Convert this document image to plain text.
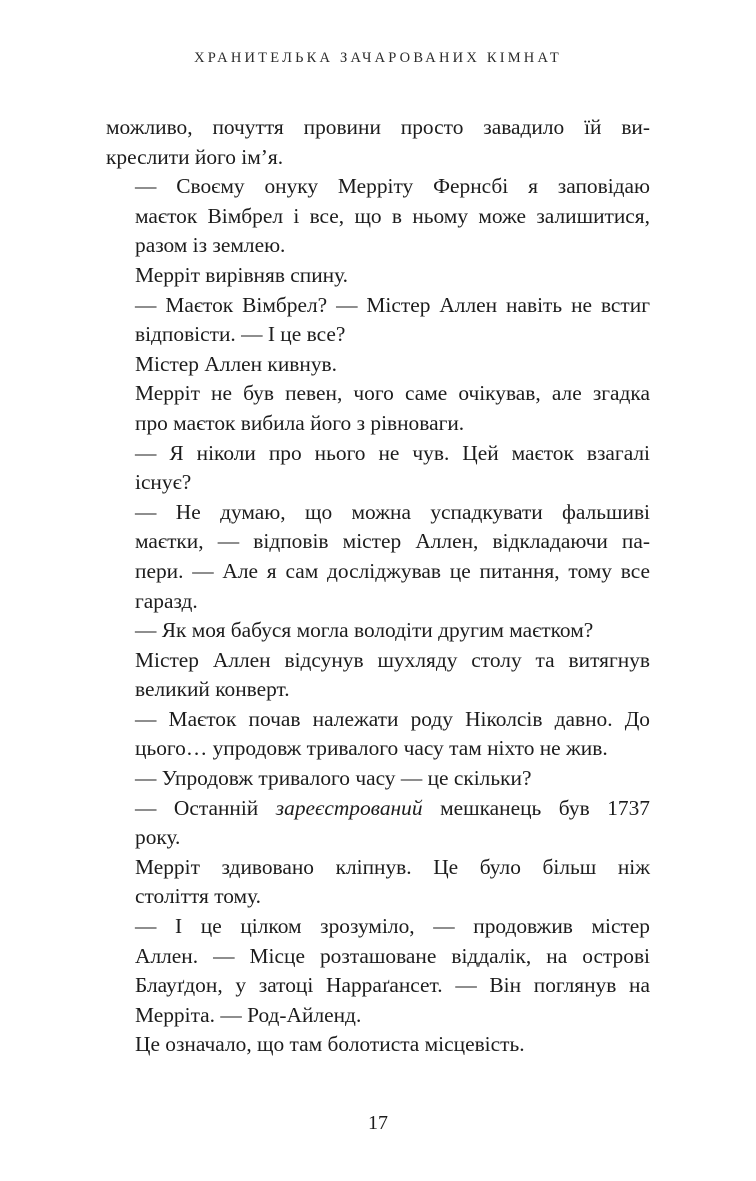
ХРАНИТЕЛЬКА ЗАЧАРОВАНИХ КІМНАТ

можливо, почуття провини просто завадило їй ви-
креслити його ім’я.

— Своєму онуку Мерріту Фернсбі я заповідаю
маєток Вімбрел і все, що в ньому може залишитися,
разом із землею.

Мерріт вирівняв спину.

— Маєток Вімбрел? — Містер Аллен навіть не встиг
відповісти. — І це все?

Містер Аллен кивнув.

Мерріт не був певен, чого саме очікував, але згадка
про маєток вибила його з рівноваги.

— Я ніколи про нього не чув. Цей маєток взагалі
існує?

— Не думаю, що можна успадкувати фальшиві
маєтки, — відповів містер Аллен, відкладаючи па-
пери. — Але я сам досліджував це питання, тому все
гаразд.

— Як моя бабуся могла володіти другим маєтком?

Містер Аллен відсунув шухляду столу та витягнув
великий конверт.

— Маєток почав належати роду Ніколсів давно. До
цього… упродовж тривалого часу там ніхто не жив.

— Упродовж тривалого часу — це скільки?

— Останній зареєстрований мешканець був 1737
року.

Мерріт здивовано кліпнув. Це було більш ніж
століття тому.

— І це цілком зрозуміло, — продовжив містер
Аллен. — Місце розташоване віддалік, на острові
Блауґдон, у затоці Нарраґансет. — Він поглянув на
Мерріта. — Род-Айленд.

Це означало, що там болотиста місцевість.

17
